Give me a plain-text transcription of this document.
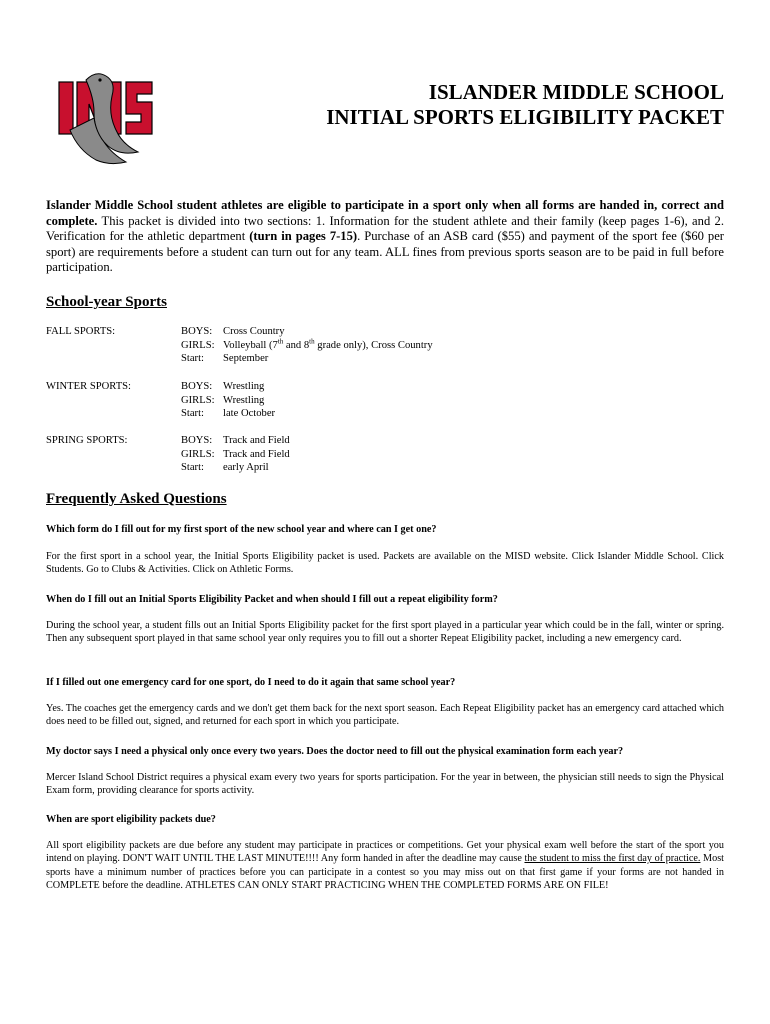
ISLANDER MIDDLE SCHOOL
INITIAL SPORTS ELIGIBILITY PACKET
Islander Middle School student athletes are eligible to participate in a sport only when all forms are handed in, correct and complete. This packet is divided into two sections: 1. Information for the student athlete and their family (keep pages 1-6), and 2. Verification for the athletic department (turn in pages 7-15). Purchase of an ASB card ($55) and payment of the sport fee ($60 per sport) are requirements before a student can turn out for any team. ALL fines from previous sports season are to be paid in full before participation.
School-year Sports
FALL SPORTS:	BOYS: Cross Country
GIRLS: Volleyball (7th and 8th grade only), Cross Country
Start: September
WINTER SPORTS:	BOYS: Wrestling
GIRLS: Wrestling
Start: late October
SPRING SPORTS:	BOYS: Track and Field
GIRLS: Track and Field
Start: early April
Frequently Asked Questions
Which form do I fill out for my first sport of the new school year and where can I get one?
For the first sport in a school year, the Initial Sports Eligibility packet is used. Packets are available on the MISD website. Click Islander Middle School. Click Students. Go to Clubs & Activities. Click on Athletic Forms.
When do I fill out an Initial Sports Eligibility Packet and when should I fill out a repeat eligibility form?
During the school year, a student fills out an Initial Sports Eligibility packet for the first sport played in a particular year which could be in the fall, winter or spring. Then any subsequent sport played in that same school year only requires you to fill out a shorter Repeat Eligibility packet, including a new emergency card.
If I filled out one emergency card for one sport, do I need to do it again that same school year?
Yes. The coaches get the emergency cards and we don't get them back for the next sport season. Each Repeat Eligibility packet has an emergency card attached which does need to be filled out, signed, and returned for each sport in which you participate.
My doctor says I need a physical only once every two years. Does the doctor need to fill out the physical examination form each year?
Mercer Island School District requires a physical exam every two years for sports participation. For the year in between, the physician still needs to sign the Physical Exam form, providing clearance for sports activity.
When are sport eligibility packets due?
All sport eligibility packets are due before any student may participate in practices or competitions. Get your physical exam well before the start of the sport you intend on playing. DON'T WAIT UNTIL THE LAST MINUTE!!!! Any form handed in after the deadline may cause the student to miss the first day of practice. Most sports have a minimum number of practices before you can participate in a contest so you may miss out on that first game if your forms are not handed in COMPLETE before the deadline. ATHLETES CAN ONLY START PRACTICING WHEN THE COMPLETED FORMS ARE ON FILE!
